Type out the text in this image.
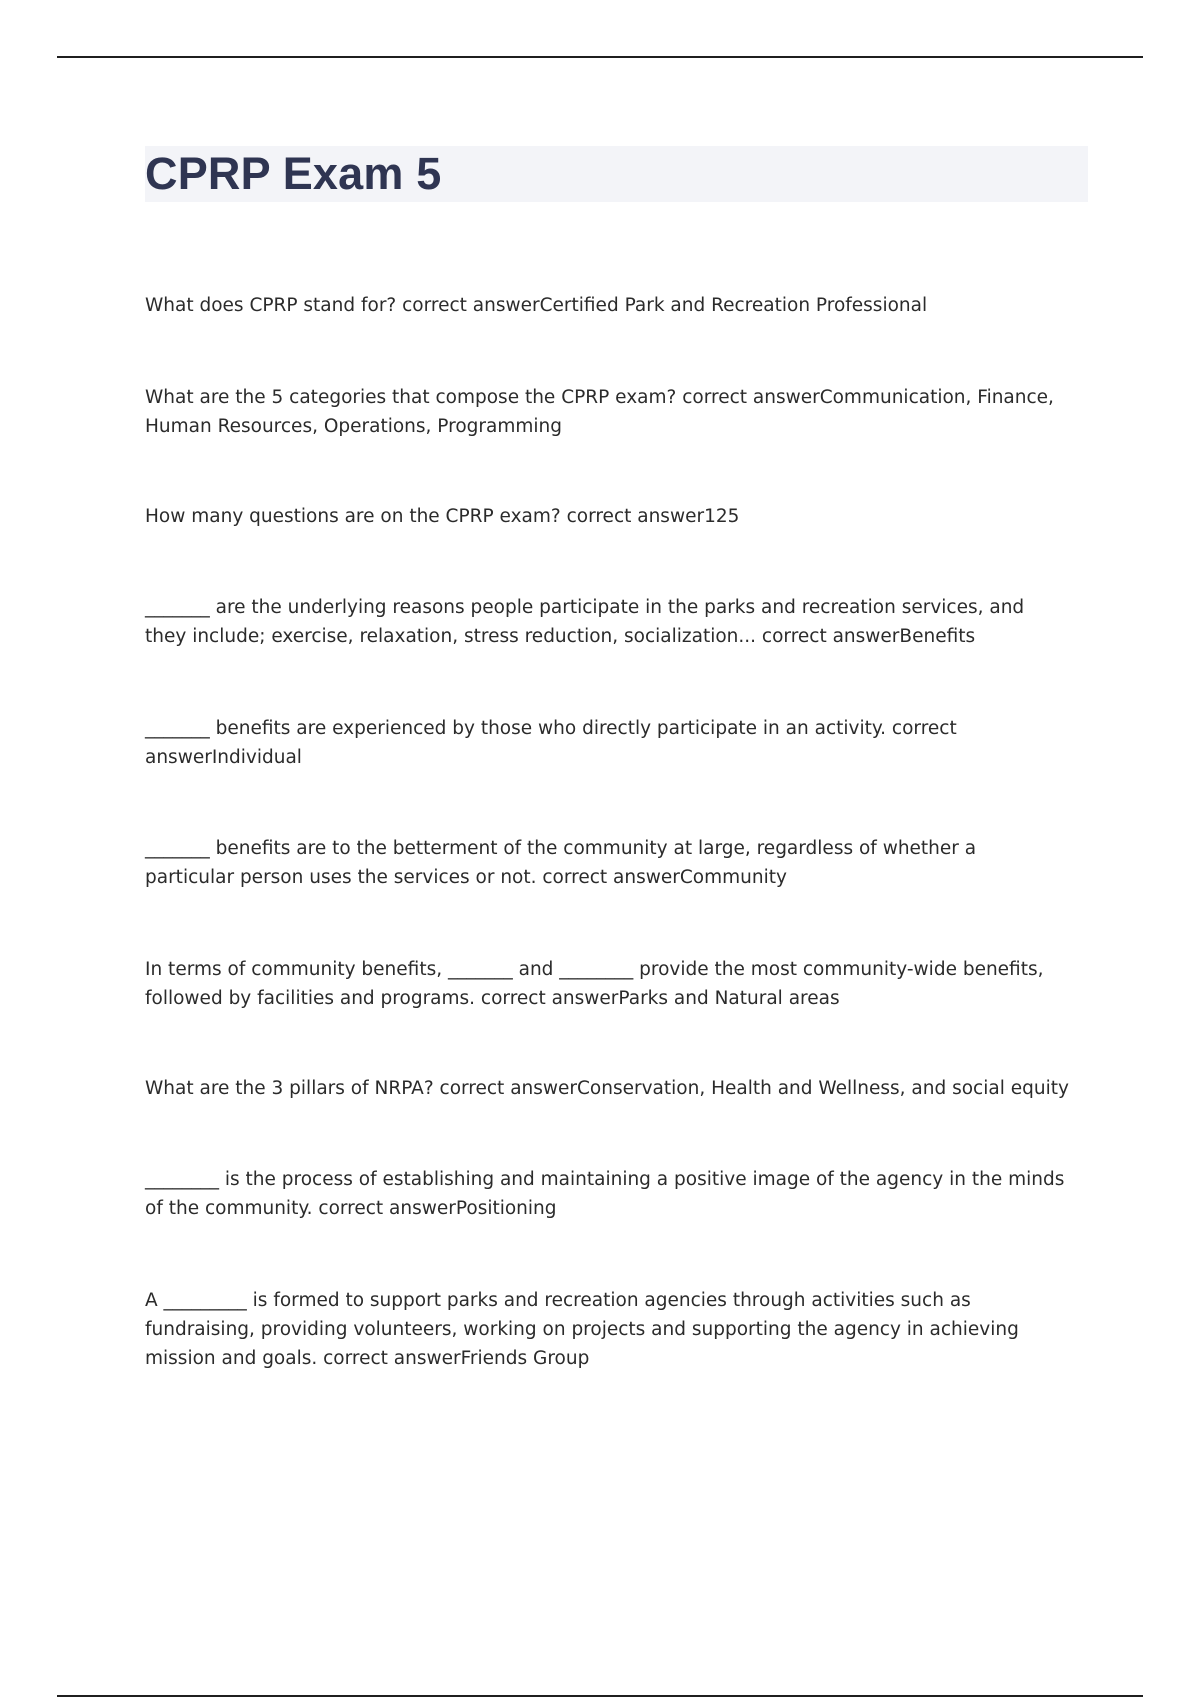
CPRP Exam 5
What does CPRP stand for? correct answerCertified Park and Recreation Professional
What are the 5 categories that compose the CPRP exam? correct answerCommunication, Finance, Human Resources, Operations, Programming
How many questions are on the CPRP exam? correct answer125
_______ are the underlying reasons people participate in the parks and recreation services, and they include; exercise, relaxation, stress reduction, socialization... correct answerBenefits
_______ benefits are experienced by those who directly participate in an activity. correct answerIndividual
_______ benefits are to the betterment of the community at large, regardless of whether a particular person uses the services or not. correct answerCommunity
In terms of community benefits, _______ and ________ provide the most community-wide benefits, followed by facilities and programs. correct answerParks and Natural areas
What are the 3 pillars of NRPA? correct answerConservation, Health and Wellness, and social equity
________ is the process of establishing and maintaining a positive image of the agency in the minds of the community. correct answerPositioning
A _________ is formed to support parks and recreation agencies through activities such as fundraising, providing volunteers, working on projects and supporting the agency in achieving mission and goals. correct answerFriends Group
